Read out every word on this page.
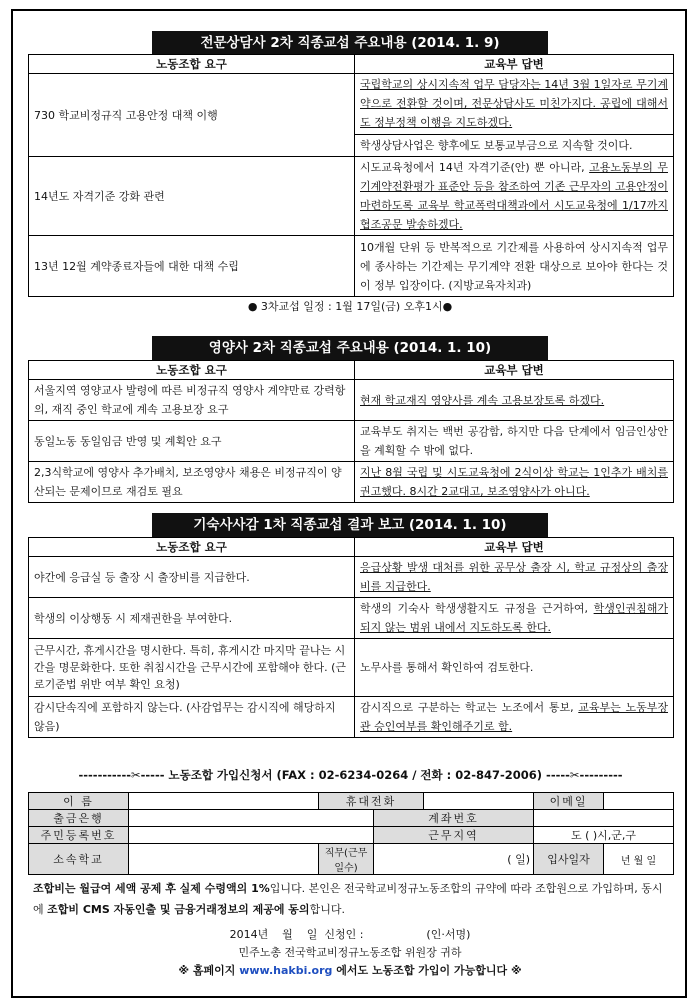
전문상담사 2차 직종교섭 주요내용 (2014. 1. 9)
노동조합 요구	교육부 답변
730 학교비정규직 고용안정 대책 이행	국립학교의 상시지속적 업무 담당자는 14년 3월 1일자로 무기계약으로 전환할 것이며, 전문상담사도 미친가지다. 공립에 대해서도 정부정책 이행을 지도하겠다.
	학생상담사업은 향후에도 보통교부금으로 지속할 것이다.
14년도 자격기준 강화 관련	시도교육청에서 14년 자격기준(안) 뿐 아니라, 고용노동부의 무기계약전환평가 표준안 등을 참조하여 기존 근무자의 고용안정이 마련하도록 교육부 학교폭력대책과에서 시도교육청에 1/17까지 협조공문 발송하겠다.
13년 12월 계약종료자들에 대한 대책 수립	10개월 단위 등 반복적으로 기간제를 사용하여 상시지속적 업무에 종사하는 기간제는 무기계약 전환 대상으로 보아야 한다는 것이 정부 입장이다. (지방교육자치과)
● 3차교섭 일정 : 1월 17일(금) 오후1시●
영양사 2차 직종교섭 주요내용 (2014. 1. 10)
노동조합 요구	교육부 답변
서울지역 영양교사 발령에 따른 비정규직 영양사 계약만료 강력항의, 재직 중인 학교에 계속 고용보장 요구	현재 학교재직 영양사를 계속 고용보장토록 하겠다.
동일노동 동일임금 반영 및 계획안 요구	교육부도 취지는 백번 공감함, 하지만 다음 단계에서 임금인상안을 계획할 수 밖에 없다.
2,3식학교에 영양사 추가배치, 보조영양사 채용은 비정규직이 양산되는 문제이므로 재검토 필요	지난 8월 국립 및 시도교육청에 2식이상 학교는 1인추가 배치를 권고했다. 8시간 2교대고, 보조영양사가 아니다.
기숙사사감 1차 직종교섭 결과 보고 (2014. 1. 10)
노동조합 요구	교육부 답변
야간에 응급실 등 출장 시 출장비를 지급한다.	응급상황 발생 대처를 위한 공무상 출장 시, 학교 규정상의 출장비를 지급한다.
학생의 이상행동 시 제재권한을 부여한다.	학생의 기숙사 학생생활지도 규정을 근거하여, 학생인권침해가 되지 않는 범위 내에서 지도하도록 한다.
근무시간, 휴게시간을 명시한다. 특히, 휴게시간 마지막 끝나는 시간을 명문화한다. 또한 취침시간을 근무시간에 포함해야 한다. (근로기준법 위반 여부 확인 요청)	노무사를 통해서 확인하여 검토한다.
감시단속직에 포함하지 않는다. (사감업무는 감시직에 해당하지 않음)	감시직으로 구분하는 학교는 노조에서 통보, 교육부는 노동부장관 승인여부를 확인해주기로 함.
-----------✂----- 노동조합 가입신청서 (FAX : 02-6234-0264 / 전화 : 02-847-2006) -----✂---------
이 름		휴대전화			이메일	
출금은행			계좌번호			
주민등록번호			근무지역		도 ( )시,군,구	
소속학교		직무(근무일수)	( 일)		입사일자	년 월 일
조합비는 월급여 세액 공제 후 실제 수령액의 1%입니다. 본인은 전국학교비정규노동조합의 규약에 따라 조합원으로 가입하며, 동시에 조합비 CMS 자동인출 및 금융거래정보의 제공에 동의합니다.
2014년    월    일  신청인 :                  (인·서명)
민주노총 전국학교비정규노동조합 위원장 귀하
※ 홈페이지 www.hakbi.org 에서도 노동조합 가입이 가능합니다 ※
